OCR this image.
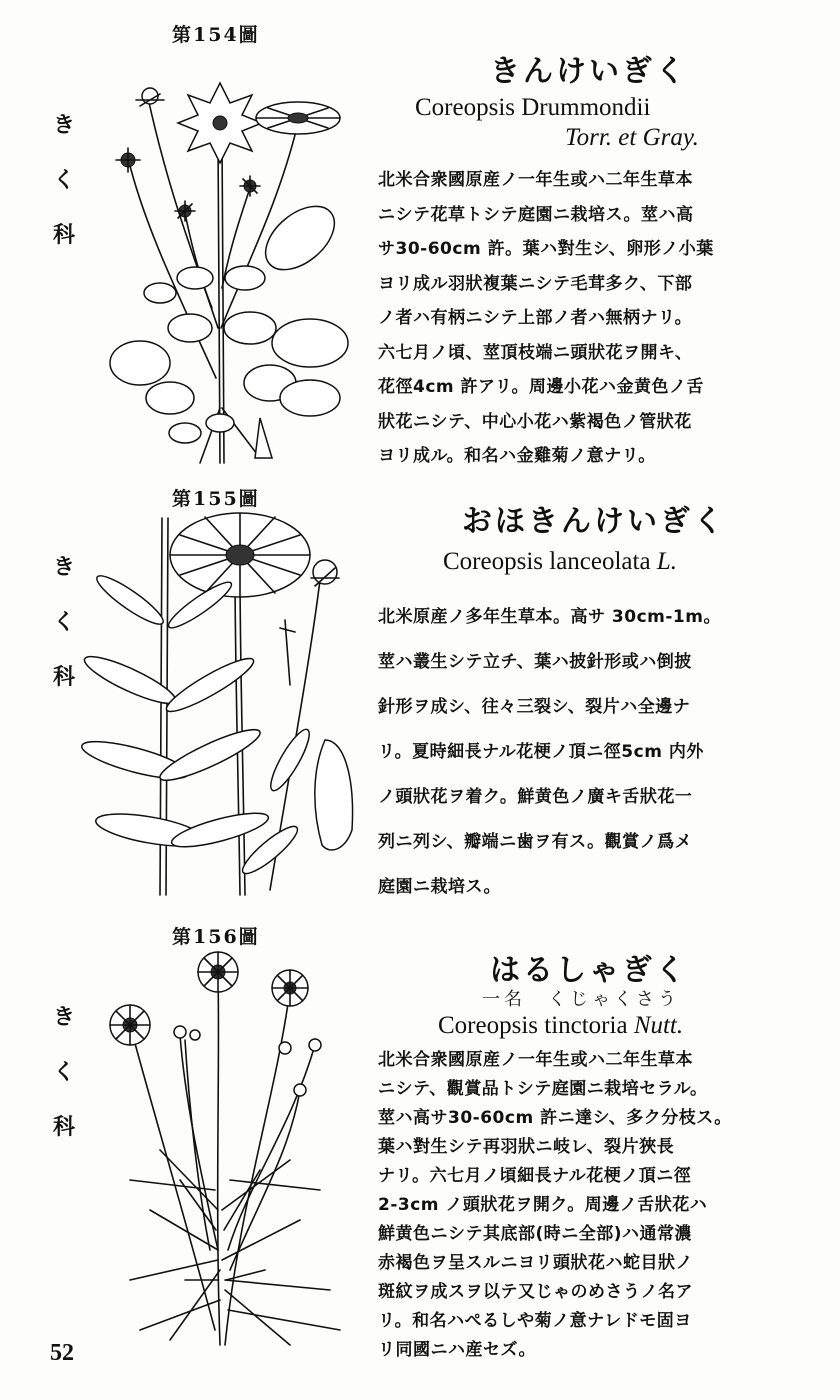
第154圖
き
く
科
きんけいぎく
Coreopsis Drummondii
Torr. et Gray.
北米合衆國原産ノ一年生或ハ二年生草本
ニシテ花草トシテ庭園ニ栽培ス。莖ハ高
サ30-60cm 許。葉ハ對生シ、卵形ノ小葉
ヨリ成ル羽狀複葉ニシテ毛茸多ク、下部
ノ者ハ有柄ニシテ上部ノ者ハ無柄ナリ。
六七月ノ頃、莖頂枝端ニ頭狀花ヲ開キ、
花徑4cm 許アリ。周邊小花ハ金黄色ノ舌
狀花ニシテ、中心小花ハ紫褐色ノ管狀花
ヨリ成ル。和名ハ金雞菊ノ意ナリ。
第155圖
き
く
科
おほきんけいぎく
Coreopsis lanceolata L.
北米原産ノ多年生草本。高サ 30cm-1m。
莖ハ叢生シテ立チ、葉ハ披針形或ハ倒披
針形ヲ成シ、往々三裂シ、裂片ハ全邊ナ
リ。夏時細長ナル花梗ノ頂ニ徑5cm 内外
ノ頭狀花ヲ着ク。鮮黄色ノ廣キ舌狀花一
列ニ列シ、瓣端ニ歯ヲ有ス。觀賞ノ爲メ
庭園ニ栽培ス。
第156圖
き
く
科
はるしゃぎく
一名　くじゃくさう
Coreopsis tinctoria Nutt.
北米合衆國原産ノ一年生或ハ二年生草本
ニシテ、觀賞品トシテ庭園ニ栽培セラル。
莖ハ高サ30-60cm 許ニ達シ、多ク分枝ス。
葉ハ對生シテ再羽狀ニ岐レ、裂片狹長
ナリ。六七月ノ頃細長ナル花梗ノ頂ニ徑
2-3cm ノ頭狀花ヲ開ク。周邊ノ舌狀花ハ
鮮黄色ニシテ其底部(時ニ全部)ハ通常濃
赤褐色ヲ呈スルニヨリ頭狀花ハ蛇目狀ノ
斑紋ヲ成スヲ以テ又じゃのめさうノ名ア
リ。和名ハぺるしや菊ノ意ナレドモ固ヨ
リ同國ニハ産セズ。
52
